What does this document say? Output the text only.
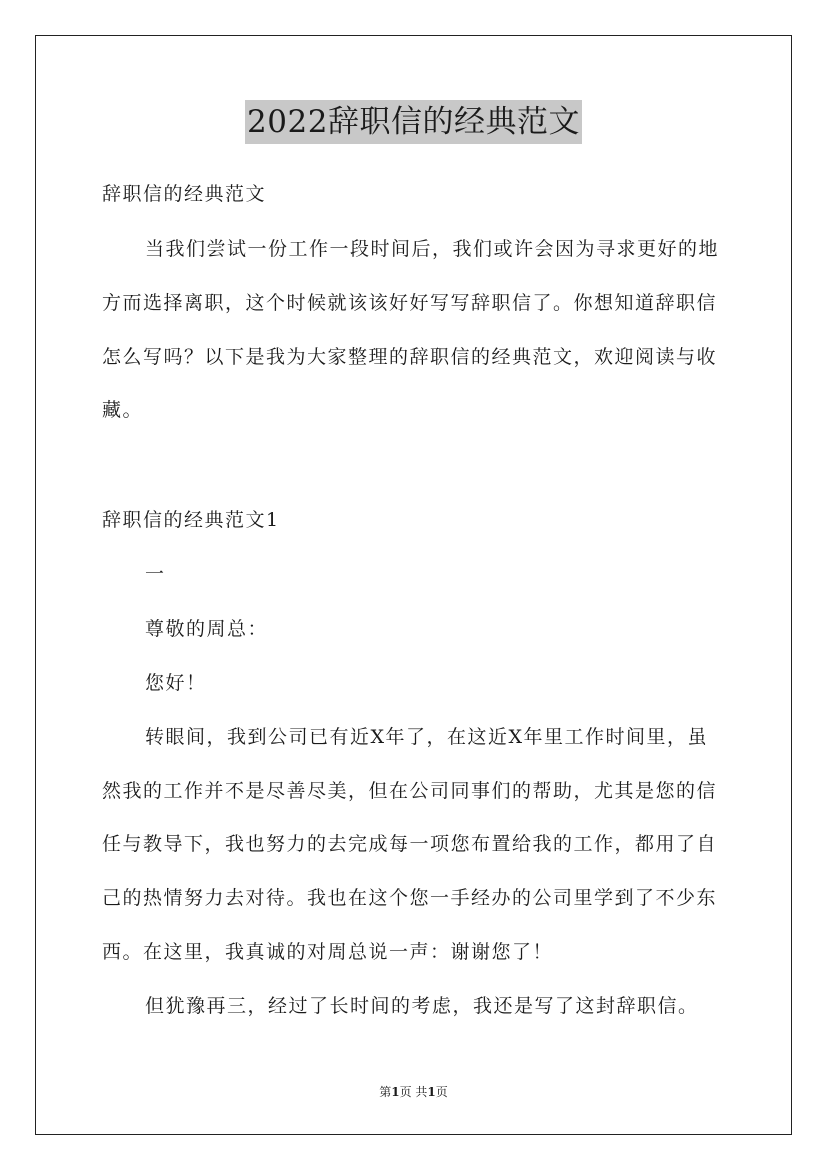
2022辞职信的经典范文
辞职信的经典范文
当我们尝试一份工作一段时间后，我们或许会因为寻求更好的地
方而选择离职，这个时候就该该好好写写辞职信了。你想知道辞职信
怎么写吗？以下是我为大家整理的辞职信的经典范文，欢迎阅读与收
藏。
辞职信的经典范文1
一
尊敬的周总：
您好！
转眼间，我到公司已有近X年了，在这近X年里工作时间里，虽
然我的工作并不是尽善尽美，但在公司同事们的帮助，尤其是您的信
任与教导下，我也努力的去完成每一项您布置给我的工作，都用了自
己的热情努力去对待。我也在这个您一手经办的公司里学到了不少东
西。在这里，我真诚的对周总说一声：谢谢您了！
但犹豫再三，经过了长时间的考虑，我还是写了这封辞职信。
第1页 共1页
